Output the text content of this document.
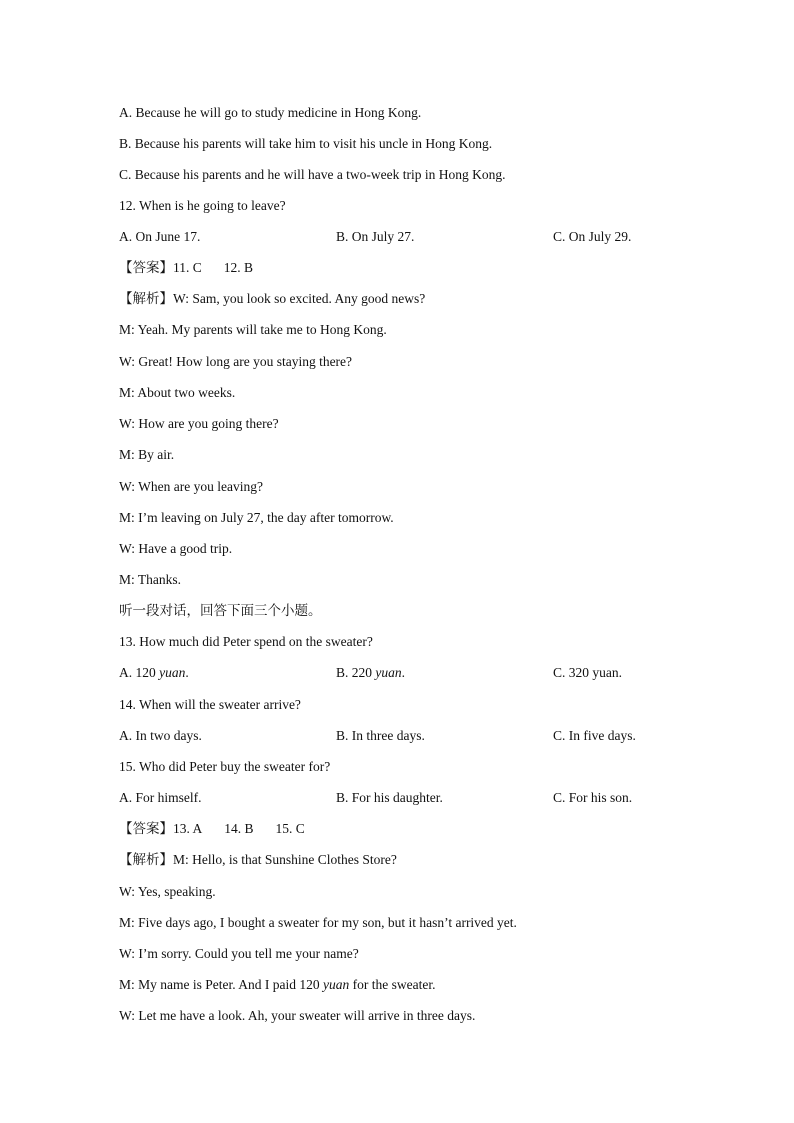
A. Because he will go to study medicine in Hong Kong.
B. Because his parents will take him to visit his uncle in Hong Kong.
C. Because his parents and he will have a two-week trip in Hong Kong.
12. When is he going to leave?
A. On June 17.	B. On July 27.	C. On July 29.
【答案】11. C 12. B
【解析】W: Sam, you look so excited. Any good news?
M: Yeah. My parents will take me to Hong Kong.
W: Great! How long are you staying there?
M: About two weeks.
W: How are you going there?
M: By air.
W: When are you leaving?
M: I’m leaving on July 27, the day after tomorrow.
W: Have a good trip.
M: Thanks.
听一段对话，回答下面三个小题。
13. How much did Peter spend on the sweater?
A. 120 yuan.	B. 220 yuan.	C. 320 yuan.
14. When will the sweater arrive?
A. In two days.	B. In three days.	C. In five days.
15. Who did Peter buy the sweater for?
A. For himself.	B. For his daughter.	C. For his son.
【答案】13. A 14. B 15. C
【解析】M: Hello, is that Sunshine Clothes Store?
W: Yes, speaking.
M: Five days ago, I bought a sweater for my son, but it hasn’t arrived yet.
W: I’m sorry. Could you tell me your name?
M: My name is Peter. And I paid 120 yuan for the sweater.
W: Let me have a look. Ah, your sweater will arrive in three days.
